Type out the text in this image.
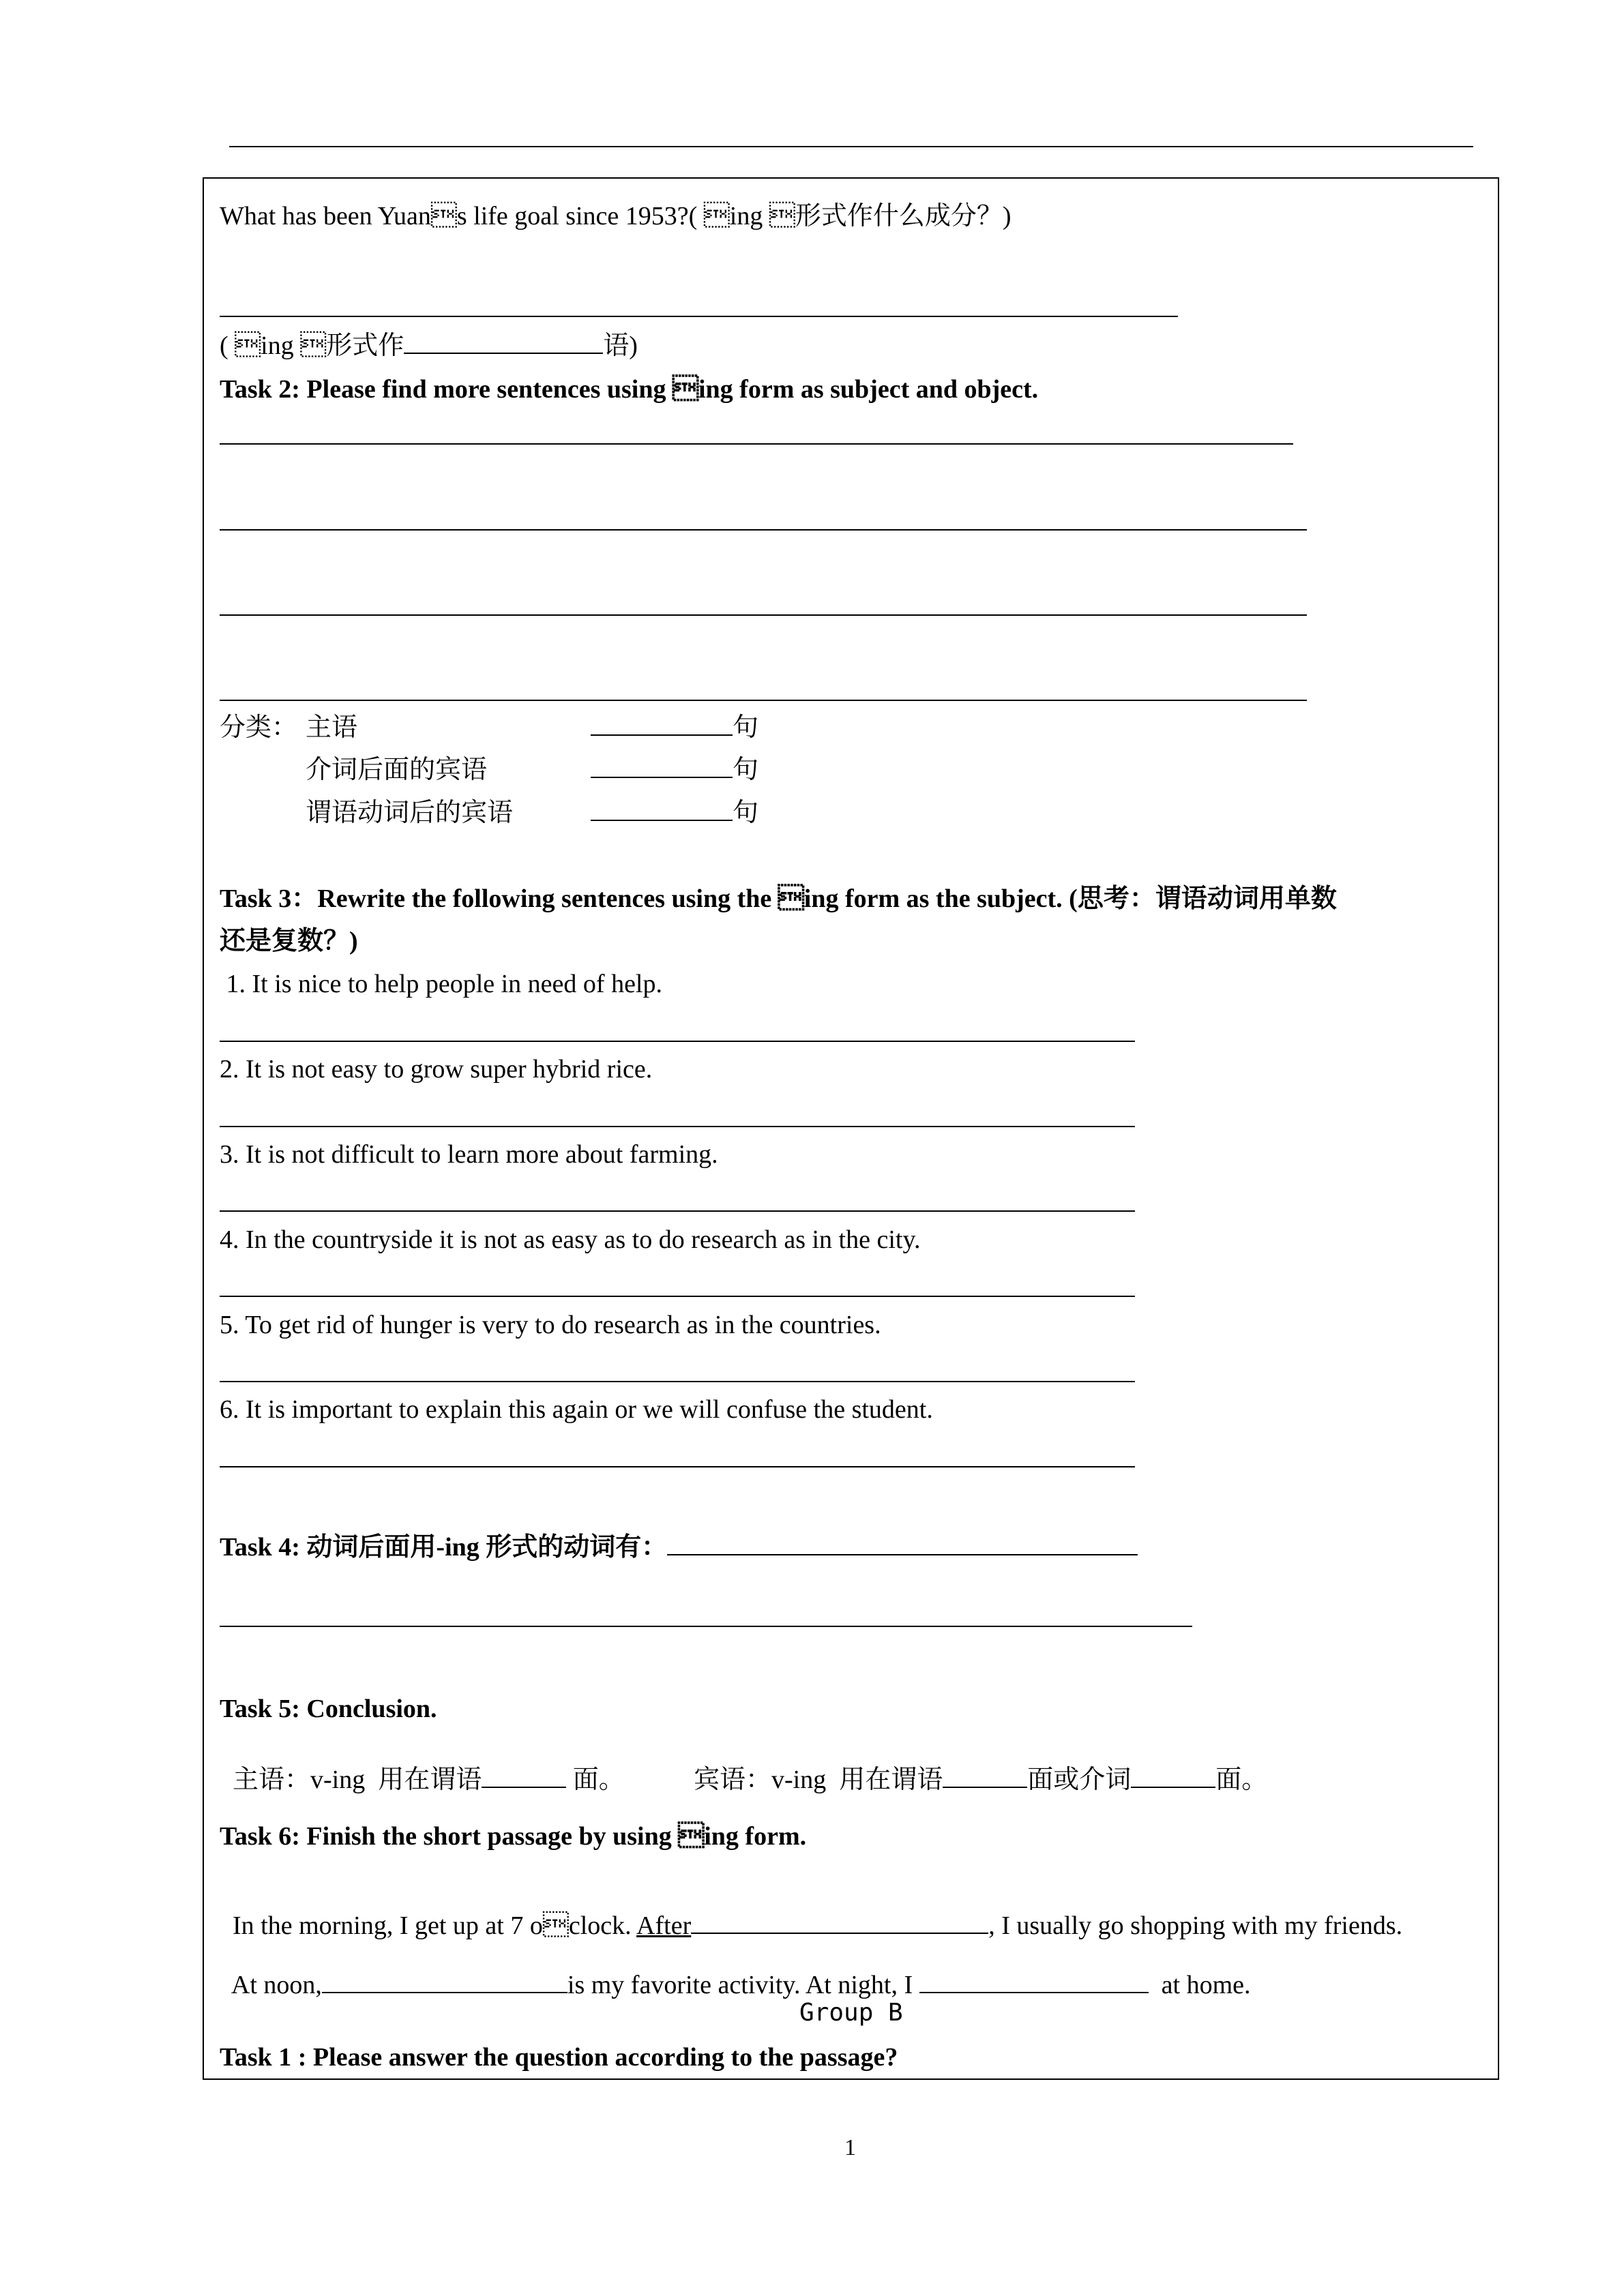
What has been Yuans life goal since 1953?( ing 形式作什么成分？)
( ing 形式作	语)
Task 2: Please find more sentences using ing form as subject and object.
分类： 主语	句
介词后面的宾语	句
谓语动词后的宾语	句
Task 3：Rewrite the following sentences using the ing form as the subject. (思考：谓语动词用单数
还是复数？)
1. It is nice to help people in need of help.
2. It is not easy to grow super hybrid rice.
3. It is not difficult to learn more about farming.
4. In the countryside it is not as easy as to do research as in the city.
5. To get rid of hunger is very to do research as in the countries.
6. It is important to explain this again or we will confuse the student.
Task 4: 动词后面用-ing 形式的动词有：
Task 5: Conclusion.

主语：v-ing  用在谓语	面。	宾语：v-ing  用在谓语	面或介词	面。

Task 6: Finish the short passage by using ing form.

In the morning, I get up at 7 oclock. After	, I usually go shopping with my friends.

At noon,	is my favorite activity. At night, I	at home.

Group B
Task 1 : Please answer the question according to the passage?
1
